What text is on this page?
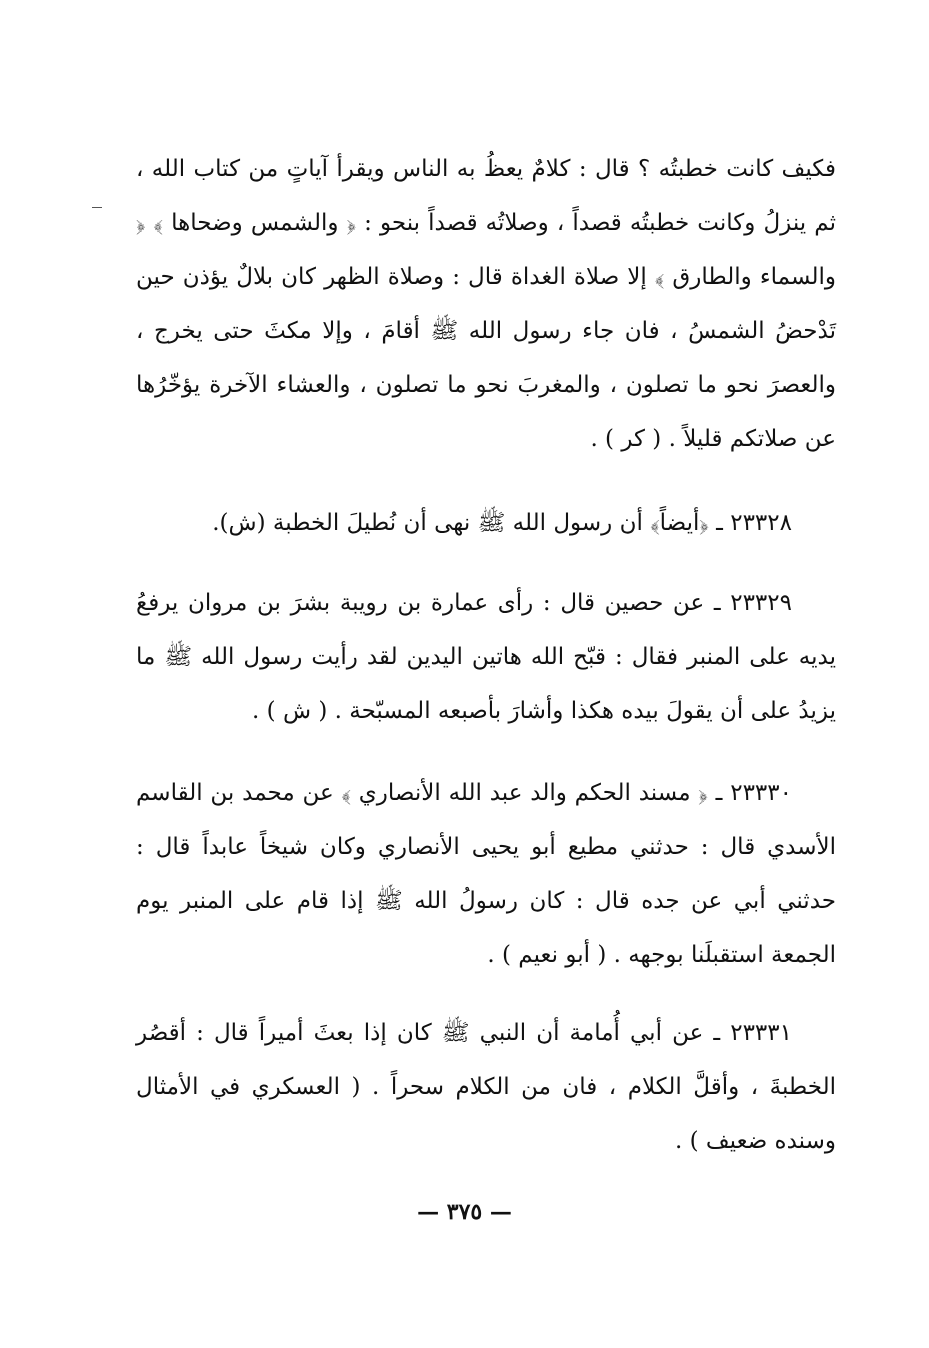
فكيف كانت خطبتُه ؟ قال : كلامٌ يعظُ به الناس ويقرأ آياتٍ من كتاب الله ، ثم ينزلُ وكانت خطبتُه قصداً ، وصلاتُه قصداً بنحو : ﴿ والشمس وضحاها ﴾ ﴿ والسماء والطارق ﴾ إلا صلاة الغداة قال : وصلاة الظهر كان بلالٌ يؤذن حين تَدْحضُ الشمسُ ، فان جاء رسول الله ﷺ أقامَ ، وإلا مكثَ حتى يخرج ، والعصرَ نحو ما تصلون ، والمغربَ نحو ما تصلون ، والعشاء الآخرة يؤخّرُها عن صلاتكم قليلاً . ( كر ) .

٢٣٣٢٨ ـ ﴿أيضاً﴾ أن رسول الله ﷺ نهى أن نُطيلَ الخطبة (ش).

٢٣٣٢٩ ـ عن حصين قال : رأى عمارة بن رويبة بشرَ بن مروان يرفعُ يديه على المنبر فقال : قبّح الله هاتين اليدين لقد رأيت رسول الله ﷺ ما يزيدُ على أن يقولَ بيده هكذا وأشارَ بأصبعه المسبّحة . ( ش ) .

٢٣٣٣٠ ـ ﴿ مسند الحكم والد عبد الله الأنصاري ﴾ عن محمد بن القاسم الأسدي قال : حدثني مطيع أبو يحيى الأنصاري وكان شيخاً عابداً قال : حدثني أبي عن جده قال : كان رسولُ الله ﷺ إذا قام على المنبر يوم الجمعة استقبلَنا بوجهه . ( أبو نعيم ) .

٢٣٣٣١ ـ عن أبي أُمامة أن النبي ﷺ كان إذا بعثَ أميراً قال : أقصُر الخطبةَ ، وأقلَّ الكلام ، فان من الكلام سحراً . ( العسكري في الأمثال وسنده ضعيف ) .

— ٣٧٥ —
